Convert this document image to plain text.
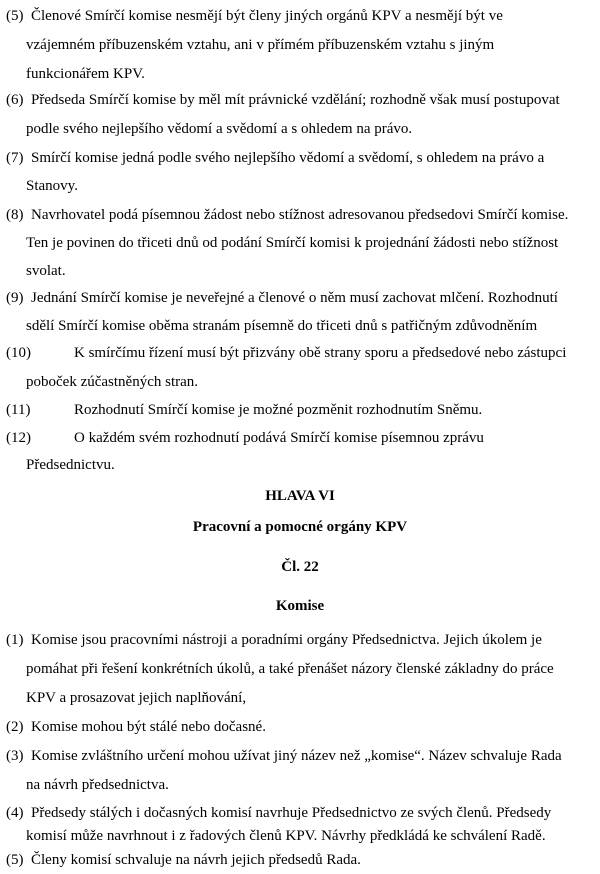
(5) Členové Smírčí komise nesmějí být členy jiných orgánů KPV a nesmějí být ve
vzájemném příbuzenském vztahu, ani v přímém příbuzenském vztahu s jiným
funkcionářem KPV.
(6) Předseda Smírčí komise by měl mít právnické vzdělání; rozhodně však musí postupovat
podle svého nejlepšího vědomí a svědomí a s ohledem na právo.
(7) Smírčí komise jedná podle svého nejlepšího vědomí a svědomí, s ohledem na právo a
Stanovy.
(8) Navrhovatel podá písemnou žádost nebo stížnost adresovanou předsedovi Smírčí komise.
Ten je povinen do třiceti dnů od podání Smírčí komisi k projednání žádosti nebo stížnost
svolat.
(9) Jednání Smírčí komise je neveřejné a členové o něm musí zachovat mlčení. Rozhodnutí
sdělí Smírčí komise oběma stranám písemně do třiceti dnů s patřičným zdůvodněním
(10)	K smírčímu řízení musí být přizvány obě strany sporu a předsedové nebo zástupci
poboček zúčastněných stran.
(11)	Rozhodnutí Smírčí komise je možné pozměnit rozhodnutím Sněmu.
(12)	O každém svém rozhodnutí podává Smírčí komise písemnou zprávu
Předsednictvu.
HLAVA VI
Pracovní a pomocné orgány KPV
Čl. 22
Komise
(1) Komise jsou pracovními nástroji a poradními orgány Předsednictva. Jejich úkolem je
pomáhat při řešení konkrétních úkolů, a také přenášet názory členské základny do práce
KPV a prosazovat jejich naplňování,
(2) Komise mohou být stálé nebo dočasné.
(3) Komise zvláštního určení mohou užívat jiný název než „komise“. Název schvaluje Rada
na návrh předsednictva.
(4) Předsedy stálých i dočasných komisí navrhuje Předsednictvo ze svých členů. Předsedy
komisí může navrhnout i z řadových členů KPV. Návrhy předkládá ke schválení Radě.
(5) Členy komisí schvaluje na návrh jejich předsedů Rada.
